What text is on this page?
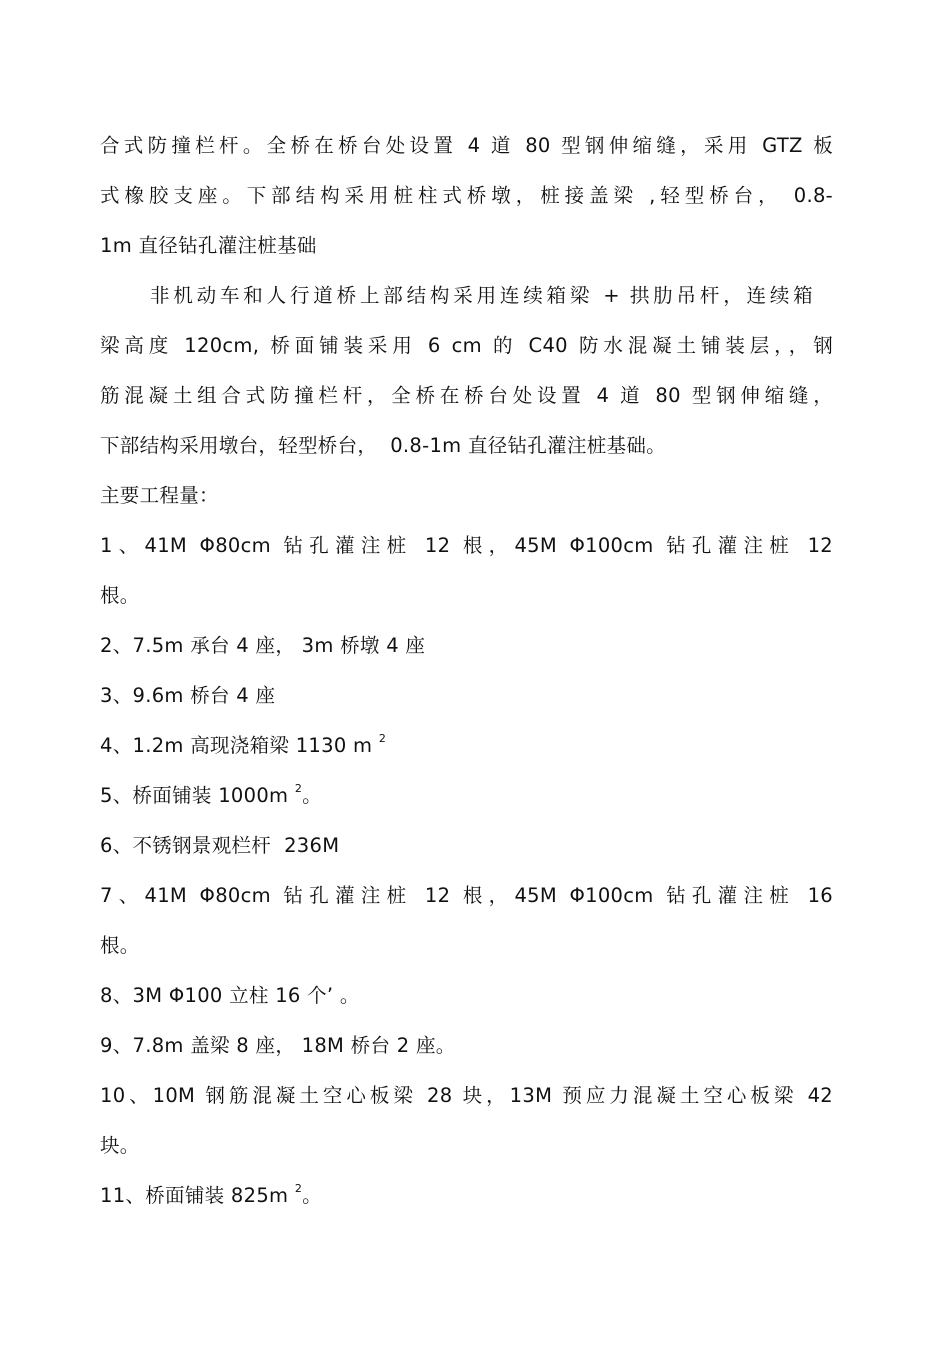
合式防撞栏杆。全桥在桥台处设置 4 道 80 型钢伸缩缝，采用 GTZ 板
式橡胶支座。下部结构采用桩柱式桥墩，桩接盖梁 ,轻型桥台， 0.8-
1m 直径钻孔灌注桩基础
非机动车和人行道桥上部结构采用连续箱梁 + 拱肋吊杆，连续箱
梁高度 120cm, 桥面铺装采用 6 cm 的 C40 防水混凝土铺装层，，钢
筋混凝土组合式防撞栏杆，全桥在桥台处设置 4 道 80 型钢伸缩缝，
下部结构采用墩台，轻型桥台，  0.8-1m 直径钻孔灌注桩基础。
主要工程量：
1、41M Φ80cm 钻孔灌注桩 12 根，45M Φ100cm 钻孔灌注桩 12
根。
2、7.5m 承台 4 座， 3m 桥墩 4 座
3、9.6m 桥台 4 座
4、1.2m 高现浇箱梁 1130 m $^2$
5、桥面铺装 1000m $^2$。
6、不锈钢景观栏杆  236M
7、41M Φ80cm 钻孔灌注桩 12 根，45M Φ100cm 钻孔灌注桩 16
根。
8、3M Φ100 立柱 16 个’ 。
9、7.8m 盖梁 8 座， 18M 桥台 2 座。
10、10M 钢筋混凝土空心板梁 28 块，13M 预应力混凝土空心板梁 42
块。
11、桥面铺装 825m $^2$。
